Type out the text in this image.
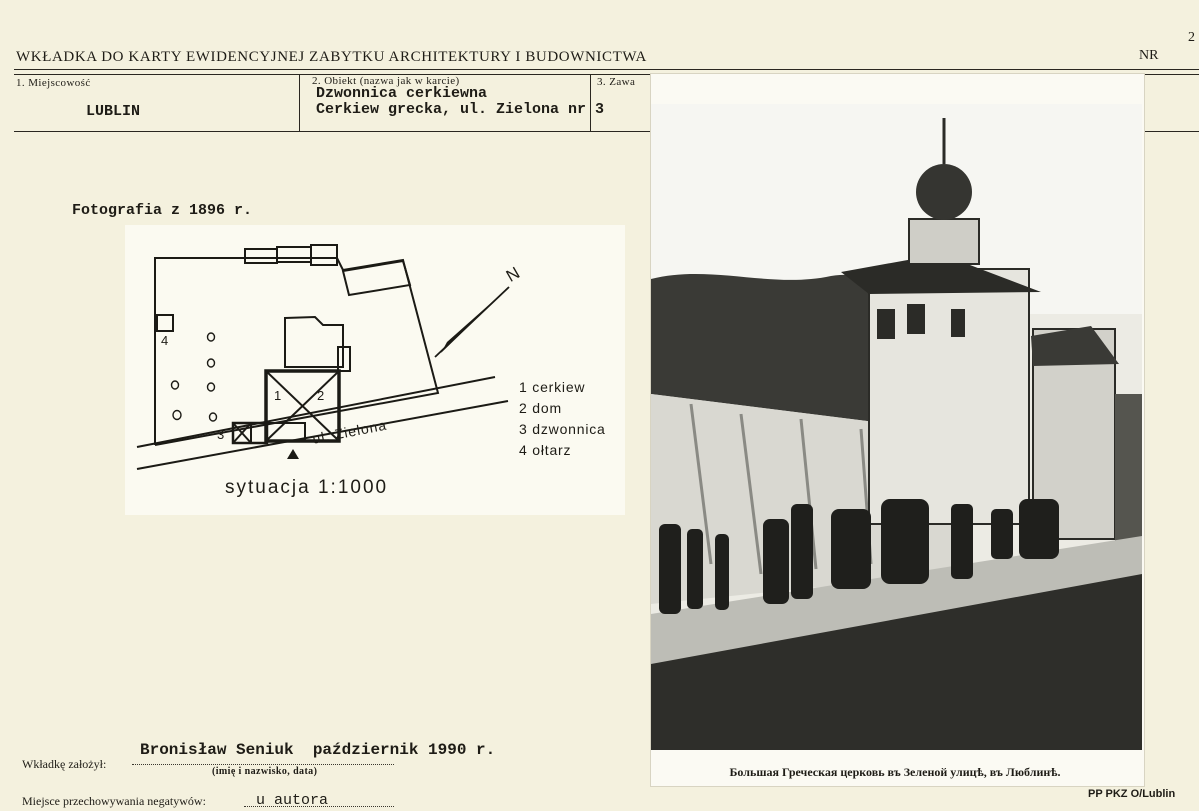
WKŁADKA DO KARTY EWIDENCYJNEJ ZABYTKU ARCHITEKTURY I BUDOWNICTWA	NR
2
1. Miejscowość
LUBLIN
2. Obiekt (nazwa jak w karcie)
Dzwonnica cerkiewna
Cerkiew grecka, ul. Zielona nr 3
3. Zawa
Fotografia z 1896 r.
4
1	2
3
N
ul. Zielona
sytuacja 1:1000
1 cerkiew
2 dom
3 dzwonnica
4 ołtarz
Большая Греческая церковь въ Зеленой улицѣ, въ Люблинѣ.
Wkładkę założył:
Bronisław Seniuk  październik 1990 r.
(imię i nazwisko, data)
Miejsce przechowywania negatywów:	u autora	PP PKZ O/Lublin
